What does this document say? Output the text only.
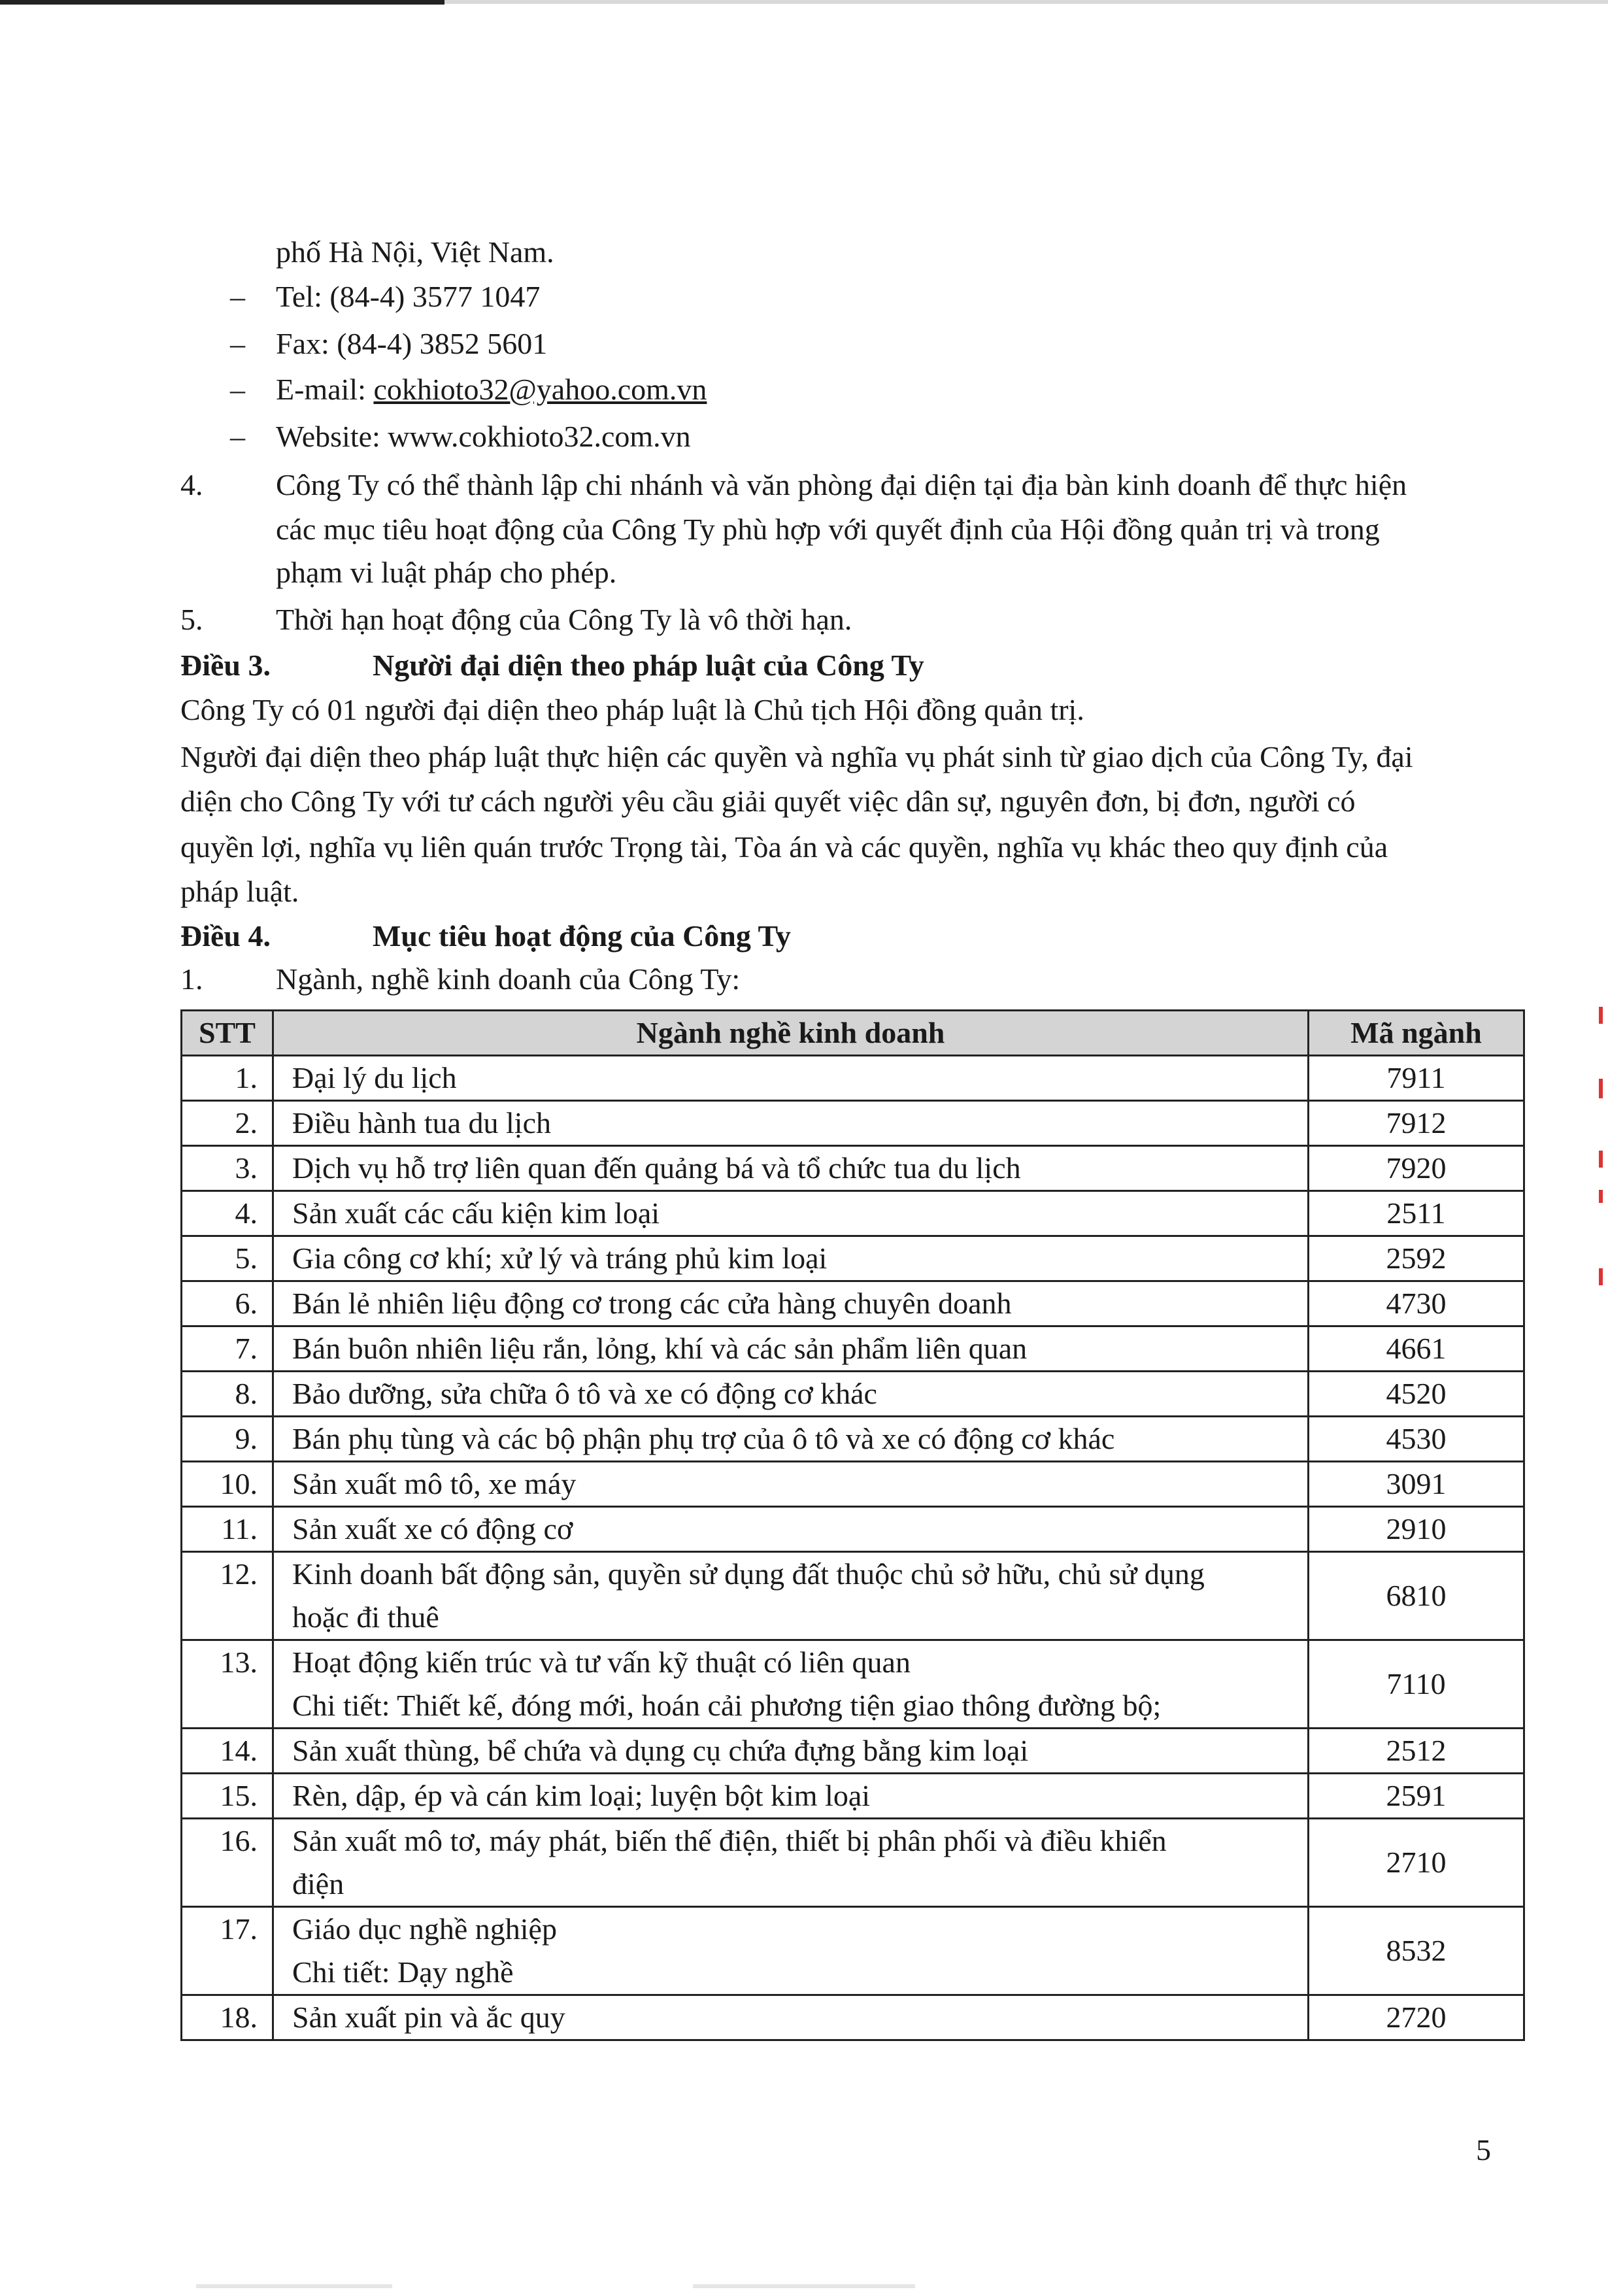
phố Hà Nội, Việt Nam.
– Tel: (84-4) 3577 1047
– Fax: (84-4) 3852 5601
– E-mail: cokhioto32@yahoo.com.vn
– Website: www.cokhioto32.com.vn
4. Công Ty có thể thành lập chi nhánh và văn phòng đại diện tại địa bàn kinh doanh để thực hiện
các mục tiêu hoạt động của Công Ty phù hợp với quyết định của Hội đồng quản trị và trong
phạm vi luật pháp cho phép.
5. Thời hạn hoạt động của Công Ty là vô thời hạn.
Điều 3.	Người đại diện theo pháp luật của Công Ty
Công Ty có 01 người đại diện theo pháp luật là Chủ tịch Hội đồng quản trị.
Người đại diện theo pháp luật thực hiện các quyền và nghĩa vụ phát sinh từ giao dịch của Công Ty, đại
diện cho Công Ty với tư cách người yêu cầu giải quyết việc dân sự, nguyên đơn, bị đơn, người có
quyền lợi, nghĩa vụ liên quán trước Trọng tài, Tòa án và các quyền, nghĩa vụ khác theo quy định của
pháp luật.
Điều 4.	Mục tiêu hoạt động của Công Ty
1. Ngành, nghề kinh doanh của Công Ty:
STT	Ngành nghề kinh doanh	Mã ngành
1.	Đại lý du lịch	7911
2.	Điều hành tua du lịch	7912
3.	Dịch vụ hỗ trợ liên quan đến quảng bá và tổ chức tua du lịch	7920
4.	Sản xuất các cấu kiện kim loại	2511
5.	Gia công cơ khí; xử lý và tráng phủ kim loại	2592
6.	Bán lẻ nhiên liệu động cơ trong các cửa hàng chuyên doanh	4730
7.	Bán buôn nhiên liệu rắn, lỏng, khí và các sản phẩm liên quan	4661
8.	Bảo dưỡng, sửa chữa ô tô và xe có động cơ khác	4520
9.	Bán phụ tùng và các bộ phận phụ trợ của ô tô và xe có động cơ khác	4530
10.	Sản xuất mô tô, xe máy	3091
11.	Sản xuất xe có động cơ	2910
12.	Kinh doanh bất động sản, quyền sử dụng đất thuộc chủ sở hữu, chủ sử dụng
hoặc đi thuê	6810
13.	Hoạt động kiến trúc và tư vấn kỹ thuật có liên quan
Chi tiết: Thiết kế, đóng mới, hoán cải phương tiện giao thông đường bộ;	7110
14.	Sản xuất thùng, bể chứa và dụng cụ chứa đựng bằng kim loại	2512
15.	Rèn, dập, ép và cán kim loại; luyện bột kim loại	2591
16.	Sản xuất mô tơ, máy phát, biến thế điện, thiết bị phân phối và điều khiển
điện	2710
17.	Giáo dục nghề nghiệp
Chi tiết: Dạy nghề	8532
18.	Sản xuất pin và ắc quy	2720
5
